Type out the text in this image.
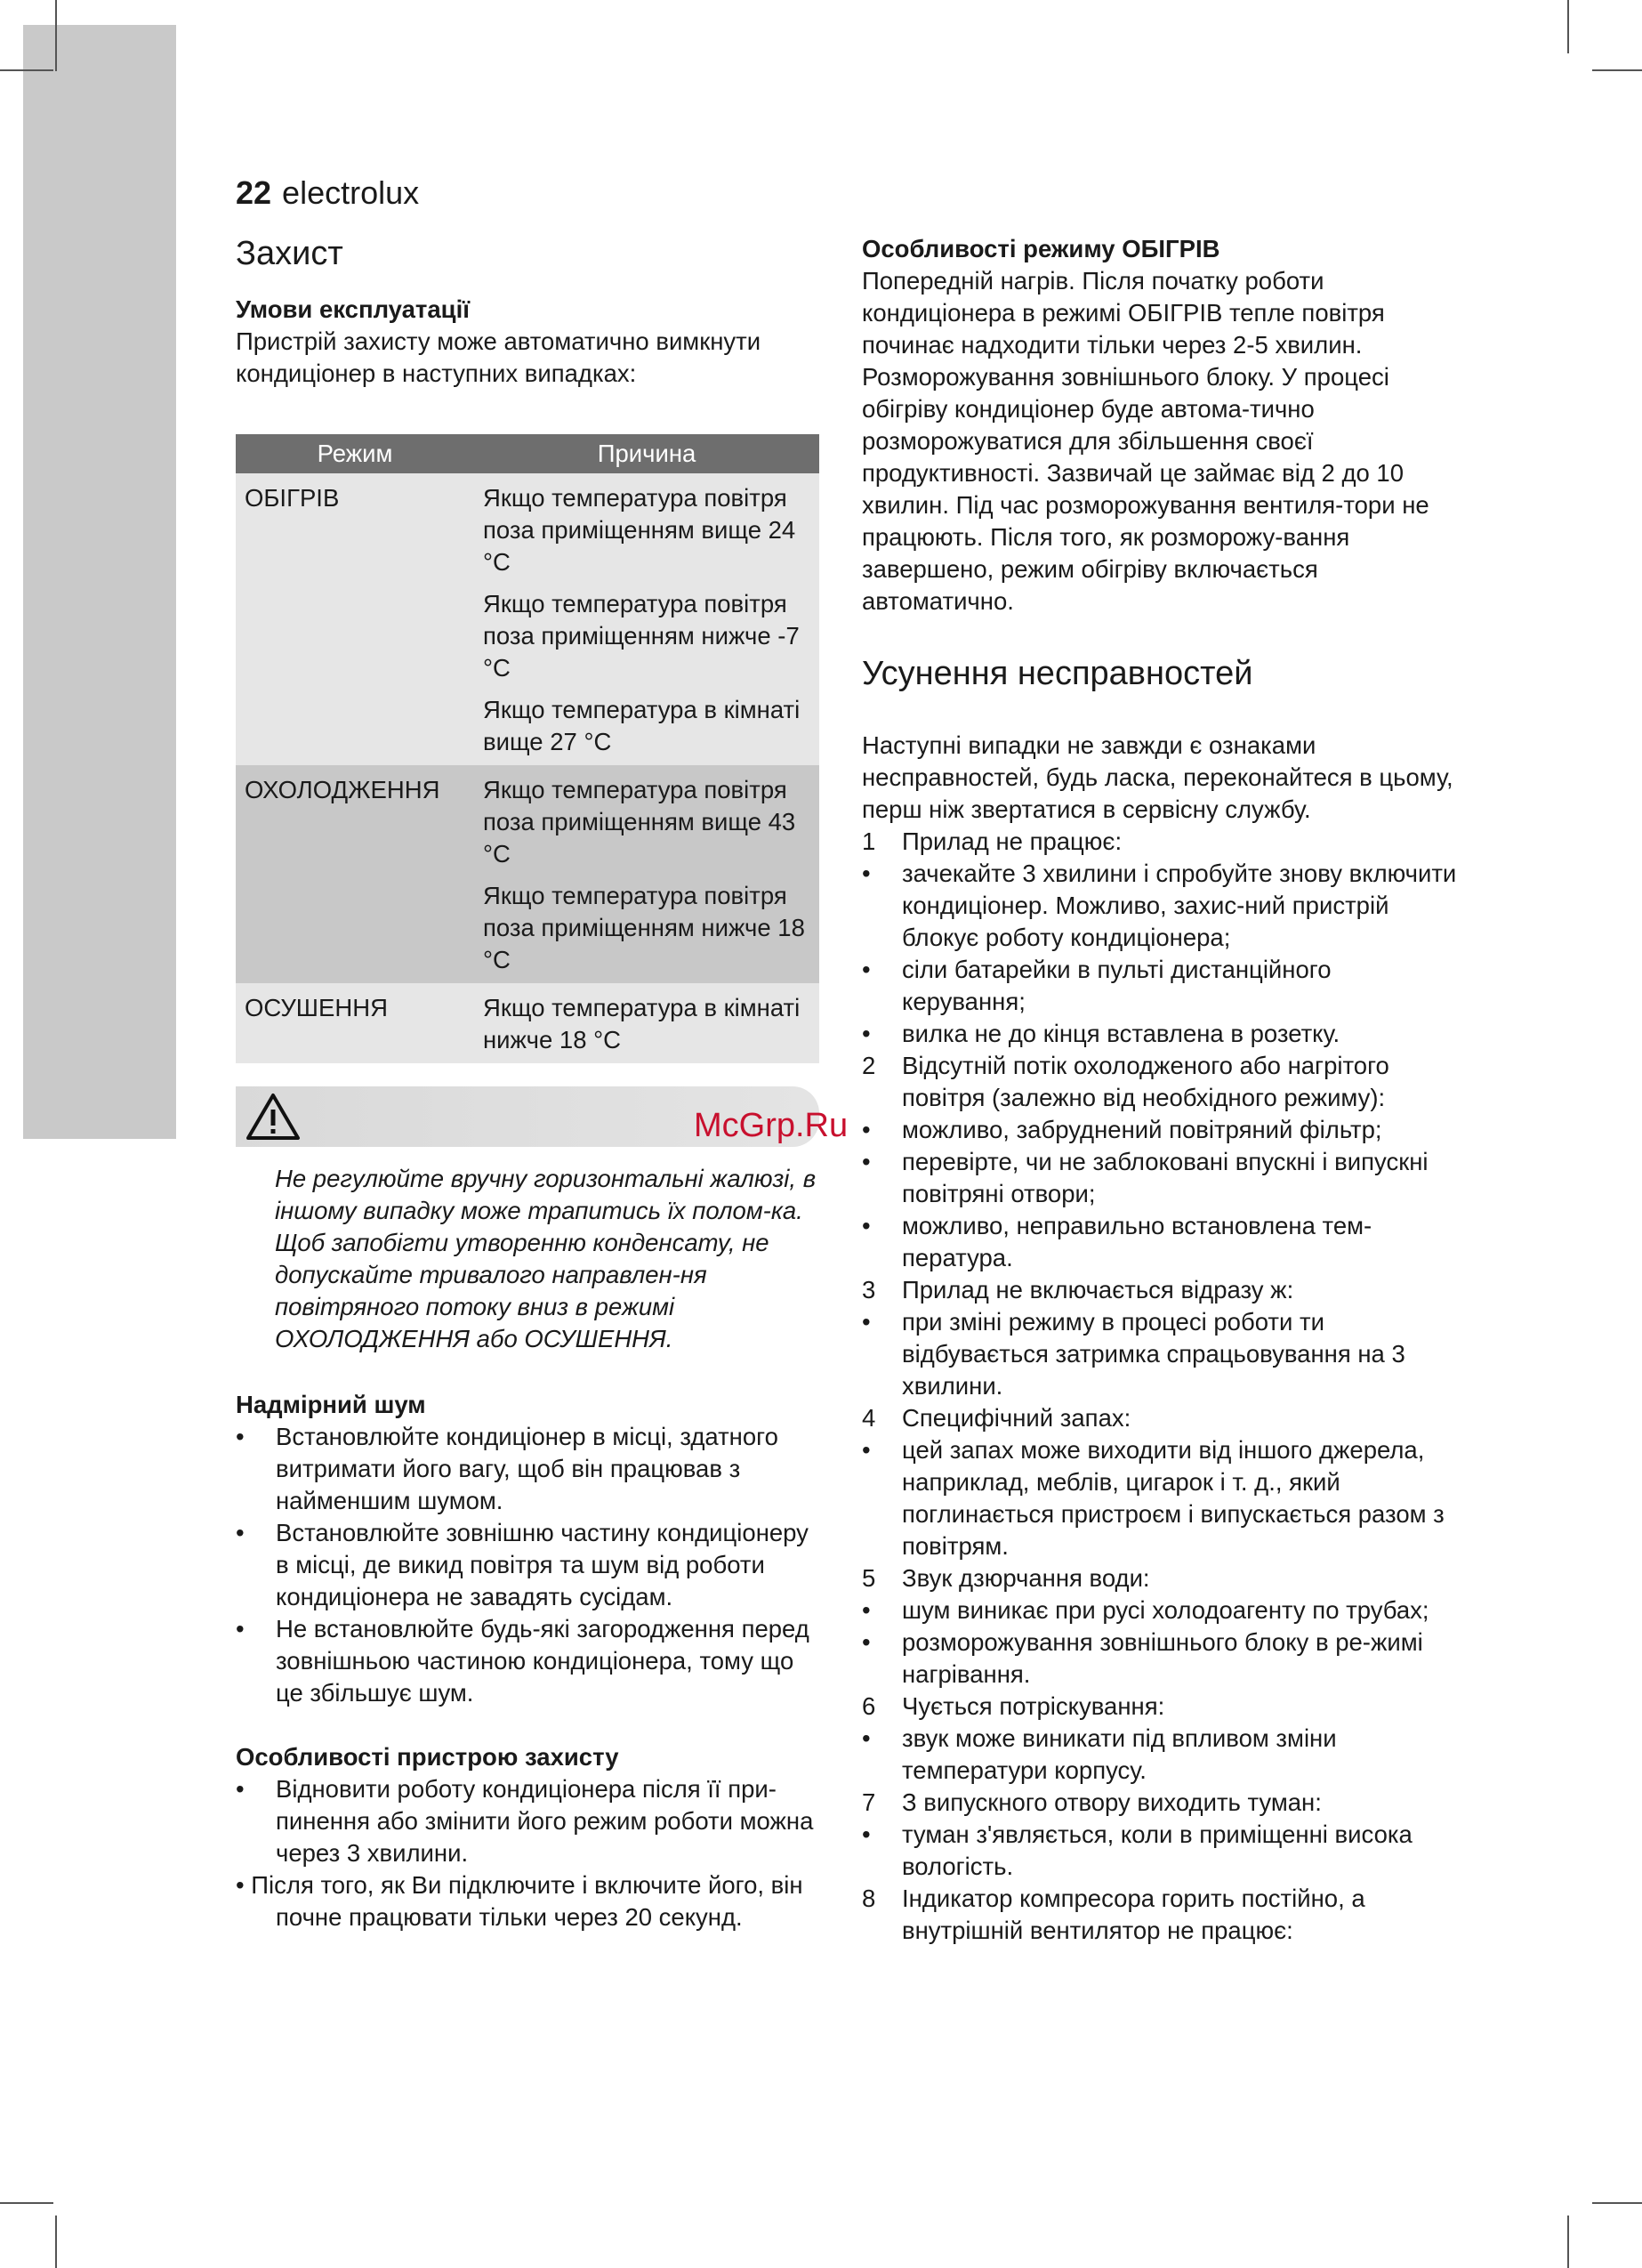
22 electrolux
Захист

Умови експлуатації

Пристрій захисту може автоматично вимкнути кондиціонер в наступних випадках:

Режим	Причина
ОБІГРІВ	Якщо температура повітря поза приміщенням вище 24 °C
Якщо температура повітря поза приміщенням нижче -7 °C
Якщо температура в кімнаті вище 27 °C

ОХОЛОДЖЕННЯ	Якщо температура повітря поза приміщенням вище 43 °C
Якщо температура повітря поза приміщенням нижче 18 °C

ОСУШЕННЯ	Якщо температура в кімнаті нижче 18 °C

Не регулюйте вручну горизонтальні жалюзі, в іншому випадку може трапитись їх полом-ка.

Щоб запобігти утворенню конденсату, не допускайте тривалого направлен-ня повітряного потоку вниз в режимі ОХОЛОДЖЕННЯ або ОСУШЕННЯ.

Надмірний шум

• Встановлюйте кондиціонер в місці, здатного витримати його вагу, щоб він працював з найменшим шумом.
• Встановлюйте зовнішню частину кондиціонеру в місці, де викид повітря та шум від роботи кондиціонера не завадять сусідам.
• Не встановлюйте будь-які загородження перед зовнішньою частиною кондиціонера, тому що це збільшує шум.

Особливості пристрою захисту

• Відновити роботу кондиціонера після її при-пинення або змінити його режим роботи можна через 3 хвилини.

• Після того, як Ви підключите і включите його, він почне працювати тільки через 20 секунд.

Особливості режиму ОБІГРІВ

Попередній нагрів. Після початку роботи кондиціонера в режимі ОБІГРІВ тепле повітря починає надходити тільки через 2-5 хвилин. Розморожування зовнішнього блоку. У процесі обігріву кондиціонер буде автома-тично розморожуватися для збільшення своєї продуктивності. Зазвичай це займає від 2 до 10 хвилин. Під час розморожування вентиля-тори не працюють. Після того, як розморожу-вання завершено, режим обігріву включається автоматично.

Усунення несправностей

Наступні випадки не завжди є ознаками несправностей, будь ласка, переконайтеся в цьому, перш ніж звертатися в сервісну службу.

1 Прилад не працює:
• зачекайте 3 хвилини і спробуйте знову включити кондиціонер. Можливо, захис-ний пристрій блокує роботу кондиціонера;
• сіли батарейки в пульті дистанційного керування;
• вилка не до кінця вставлена в розетку.
2 Відсутній потік охолодженого або нагрітого повітря (залежно від необхідного режиму):
• можливо, забруднений повітряний фільтр;
• перевірте, чи не заблоковані впускні і випускні повітряні отвори;
• можливо, неправильно встановлена тем-пература.
3 Прилад не включається відразу ж:
• при зміні режиму в процесі роботи ти відбувається затримка спрацьовування на 3 хвилини.
4 Специфічний запах:
• цей запах може виходити від іншого джерела, наприклад, меблів, цигарок і т. д., який поглинається пристроєм і випускається разом з повітрям.
5 Звук дзюрчання води:
• шум виникає при русі холодоагенту по трубах;
• розморожування зовнішнього блоку в ре-жимі нагрівання.
6 Чується потріскування:
• звук може виникати під впливом зміни температури корпусу.
7 З випускного отвору виходить туман:
• туман з'являється, коли в приміщенні висока вологість.
8 Індикатор компресора горить постійно, а внутрішній вентилятор не працює:
McGrp.Ru
